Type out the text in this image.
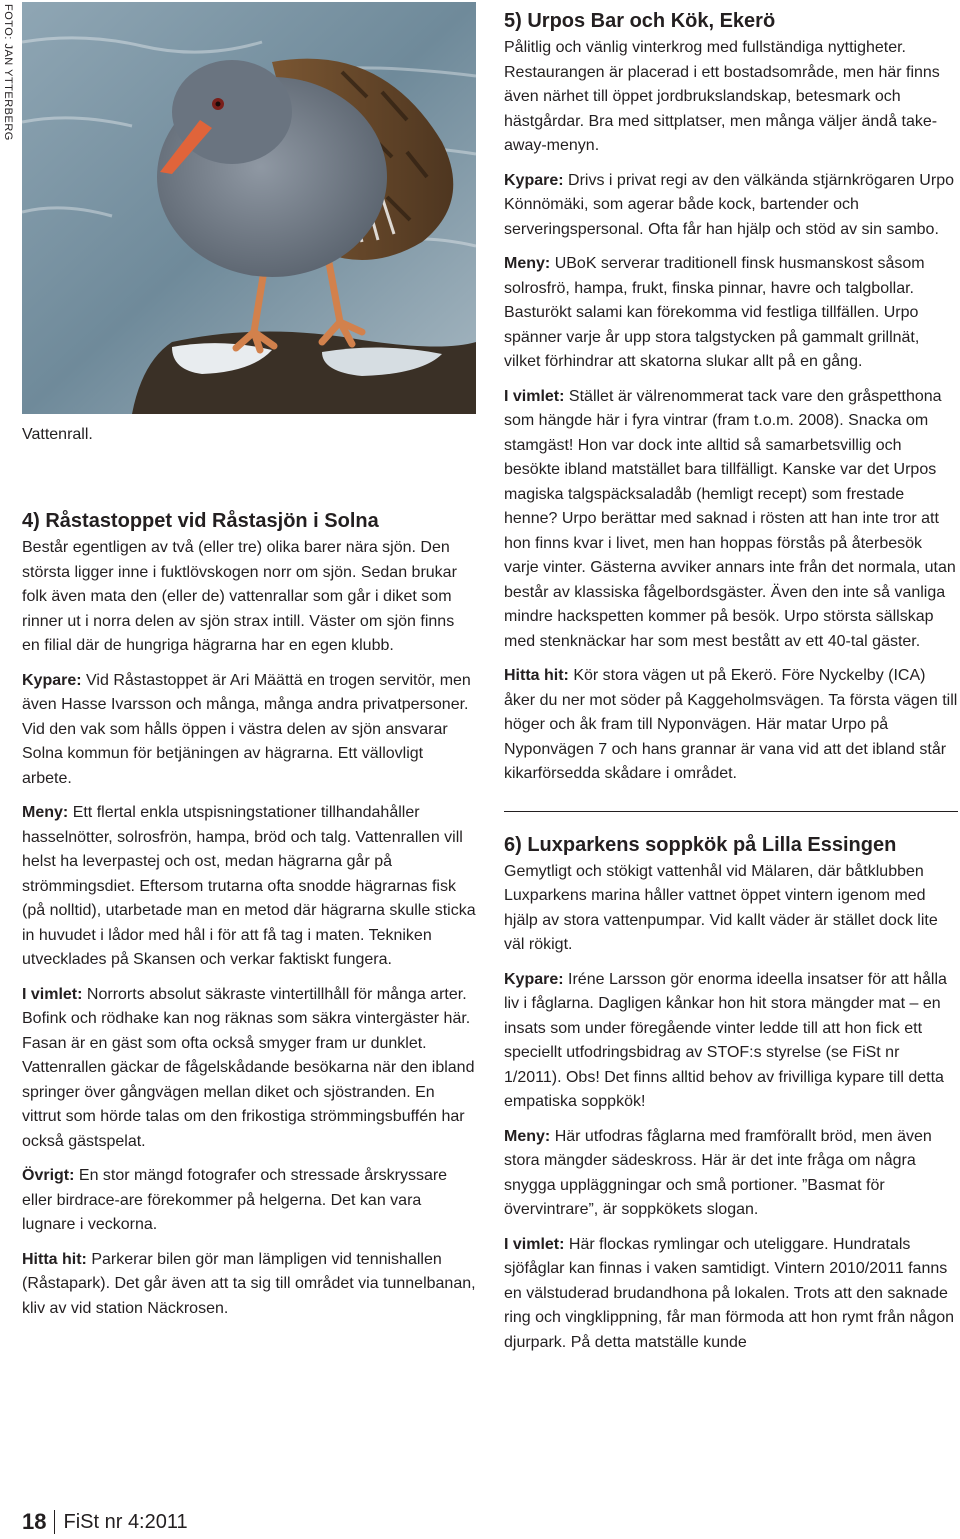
FOTO: JAN YTTERBERG
Vattenrall.
4) Råstastoppet vid Råstasjön i Solna

Består egentligen av två (eller tre) olika barer nära sjön. Den största ligger inne i fuktlövskogen norr om sjön. Sedan brukar folk även mata den (eller de) vattenrallar som går i diket som rinner ut i norra delen av sjön strax intill. Väster om sjön finns en filial där de hungriga hägrarna har en egen klubb.

Kypare: Vid Råstastoppet är Ari Määttä en trogen servitör, men även Hasse Ivarsson och många, många andra privatpersoner. Vid den vak som hålls öppen i västra delen av sjön ansvarar Solna kommun för betjäningen av hägrarna. Ett vällovligt arbete.

Meny: Ett flertal enkla utspisningstationer tillhandahåller hasselnötter, solrosfrön, hampa, bröd och talg. Vattenrallen vill helst ha leverpastej och ost, medan hägrarna går på strömmingsdiet. Eftersom trutarna ofta snodde hägrarnas fisk (på nolltid), utarbetade man en metod där hägrarna skulle sticka in huvudet i lådor med hål i för att få tag i maten. Tekniken utvecklades på Skansen och verkar faktiskt fungera.

I vimlet: Norrorts absolut säkraste vintertillhåll för många arter. Bofink och rödhake kan nog räknas som säkra vintergäster här. Fasan är en gäst som ofta också smyger fram ur dunklet. Vattenrallen gäckar de fågelskådande besökarna när den ibland springer över gångvägen mellan diket och sjöstranden. En vittrut som hörde talas om den frikostiga strömmingsbuffén har också gästspelat.

Övrigt: En stor mängd fotografer och stressade årskryssare eller birdrace-are förekommer på helgerna. Det kan vara lugnare i veckorna.

Hitta hit: Parkerar bilen gör man lämpligen vid tennishallen (Råstapark). Det går även att ta sig till området via tunnelbanan, kliv av vid station Näckrosen.

5) Urpos Bar och Kök, Ekerö

Pålitlig och vänlig vinterkrog med fullständiga nyttigheter. Restaurangen är placerad i ett bostadsområde, men här finns även närhet till öppet jordbrukslandskap, betesmark och hästgårdar. Bra med sittplatser, men många väljer ändå take-away-menyn.

Kypare: Drivs i privat regi av den välkända stjärnkrögaren Urpo Könnömäki, som agerar både kock, bartender och serveringspersonal. Ofta får han hjälp och stöd av sin sambo.

Meny: UBoK serverar traditionell finsk husmanskost såsom solrosfrö, hampa, frukt, finska pinnar, havre och talgbollar. Basturökt salami kan förekomma vid festliga tillfällen. Urpo spänner varje år upp stora talgstycken på gammalt grillnät, vilket förhindrar att skatorna slukar allt på en gång.

I vimlet: Stället är välrenommerat tack vare den gråspetthona som hängde här i fyra vintrar (fram t.o.m. 2008). Snacka om stamgäst! Hon var dock inte alltid så samarbetsvillig och besökte ibland matstället bara tillfälligt. Kanske var det Urpos magiska talgspäcksaladåb (hemligt recept) som frestade henne? Urpo berättar med saknad i rösten att han inte tror att hon finns kvar i livet, men han hoppas förstås på återbesök varje vinter. Gästerna avviker annars inte från det normala, utan består av klassiska fågelbordsgäster. Även den inte så vanliga mindre hackspetten kommer på besök. Urpo största sällskap med stenknäckar har som mest bestått av ett 40-tal gäster.

Hitta hit: Kör stora vägen ut på Ekerö. Före Nyckelby (ICA) åker du ner mot söder på Kaggeholmsvägen. Ta första vägen till höger och åk fram till Nyponvägen. Här matar Urpo på Nyponvägen 7 och hans grannar är vana vid att det ibland står kikarförsedda skådare i området.

6) Luxparkens soppkök på Lilla Essingen

Gemytligt och stökigt vattenhål vid Mälaren, där båtklubben Luxparkens marina håller vattnet öppet vintern igenom med hjälp av stora vattenpumpar. Vid kallt väder är stället dock lite väl rökigt.

Kypare: Iréne Larsson gör enorma ideella insatser för att hålla liv i fåglarna. Dagligen kånkar hon hit stora mängder mat – en insats som under föregående vinter ledde till att hon fick ett speciellt utfodringsbidrag av STOF:s styrelse (se FiSt nr 1/2011). Obs! Det finns alltid behov av frivilliga kypare till detta empatiska soppkök!

Meny: Här utfodras fåglarna med framförallt bröd, men även stora mängder sädeskross. Här är det inte fråga om några snygga uppläggningar och små portioner. ”Basmat för övervintrare”, är soppkökets slogan.

I vimlet: Här flockas rymlingar och uteliggare. Hundratals sjöfåglar kan finnas i vaken samtidigt. Vintern 2010/2011 fanns en välstuderad brudandhona på lokalen. Trots att den saknade ring och vingklippning, får man förmoda att hon rymt från någon djurpark. På detta matställe kunde

18 FiSt nr 4:2011
